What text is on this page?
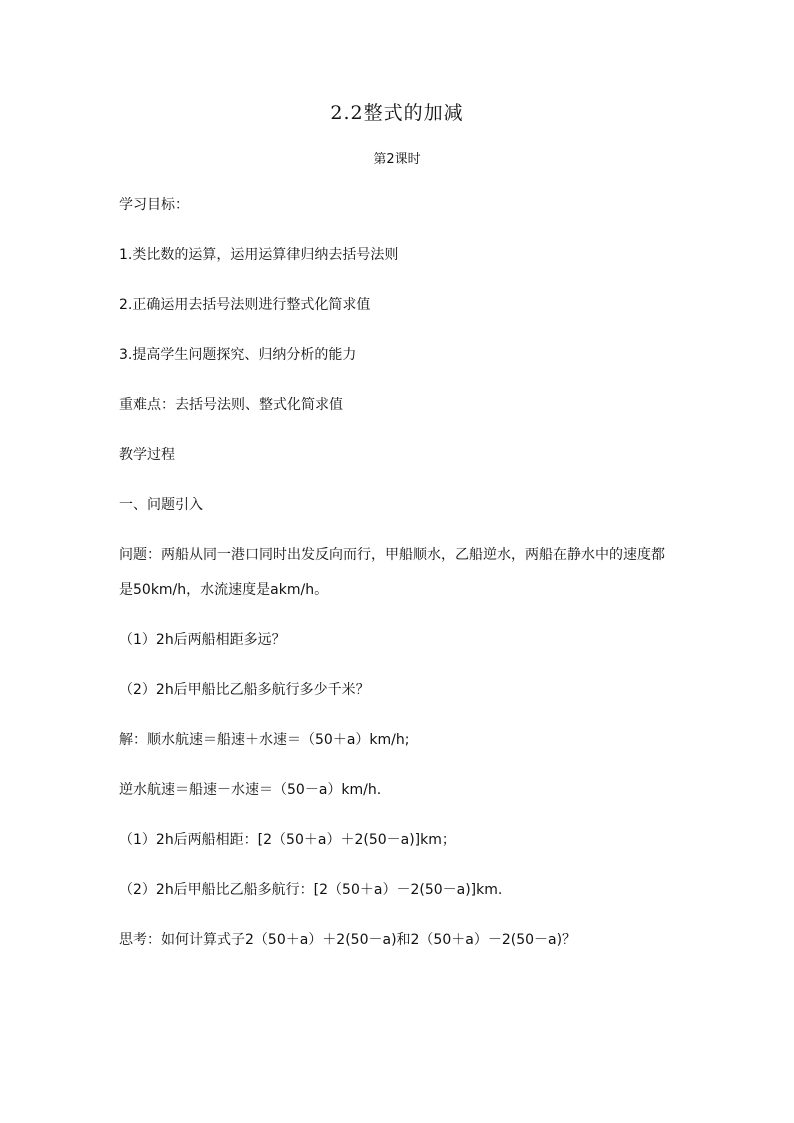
2.2整式的加减
第2课时
学习目标：
1.类比数的运算，运用运算律归纳去括号法则
2.正确运用去括号法则进行整式化简求值
3.提高学生问题探究、归纳分析的能力
重难点：去括号法则、整式化简求值
教学过程
一、问题引入
问题：两船从同一港口同时出发反向而行，甲船顺水，乙船逆水，两船在静水中的速度都
是50km/h，水流速度是akm/h。
（1）2h后两船相距多远？
（2）2h后甲船比乙船多航行多少千米？
解：顺水航速＝船速＋水速＝（50＋a）km/h;
逆水航速＝船速－水速＝（50－a）km/h.
（1）2h后两船相距：[2（50＋a）＋2(50－a)]km；
（2）2h后甲船比乙船多航行：[2（50＋a）－2(50－a)]km.
思考：如何计算式子2（50＋a）＋2(50－a)和2（50＋a）－2(50－a)？
